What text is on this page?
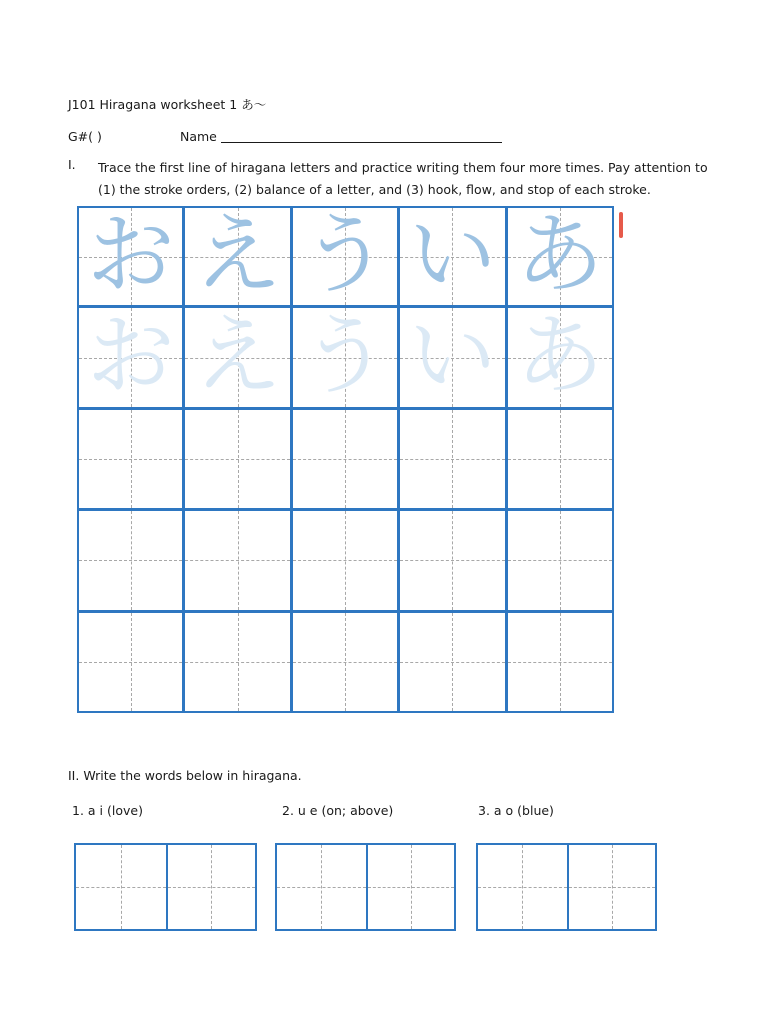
J101 Hiragana worksheet 1 あ～
G#( )	Name
I. Trace the first line of hiragana letters and practice writing them four more times. Pay attention to (1) the stroke orders, (2) balance of a letter, and (3) hook, flow, and stop of each stroke.
お え う い あ
お え う い あ
II. Write the words below in hiragana.
1. a i (love)	2. u e (on; above)	3. a o (blue)
